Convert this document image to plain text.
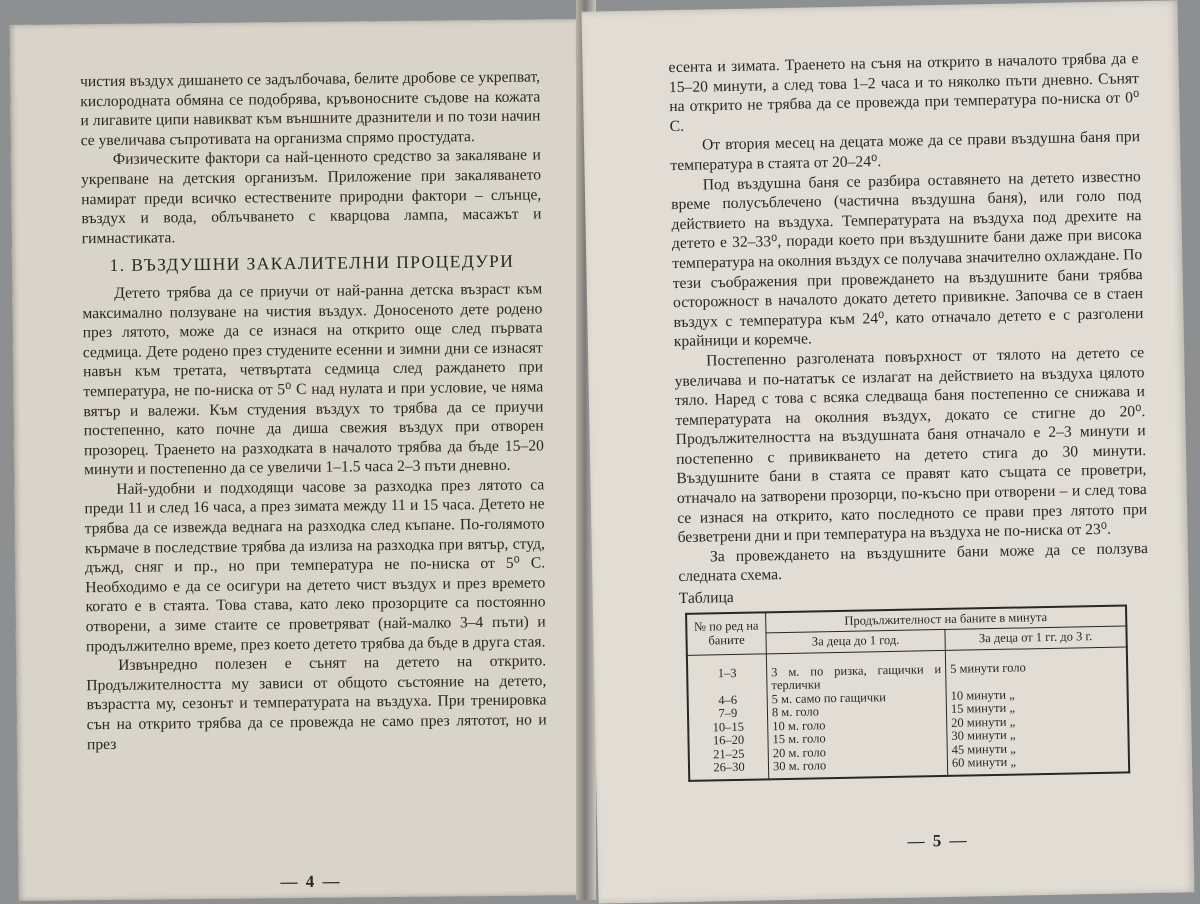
чистия въздух дишането се задълбочава, белите дробове се укрепват, кислородната обмяна се подобрява, кръвоносните съдове на кожата и лигавите ципи навикват към външните дразнители и по този начин се увеличава съпротивата на организма спрямо простудата.

Физическите фактори са най-ценното средство за закаляване и укрепване на детския организъм. Приложение при закаляването намират преди всичко естествените природни фактори – слънце, въздух и вода, облъчването с кварцова лампа, масажът и гимнастиката.

1. ВЪЗДУШНИ ЗАКАЛИТЕЛНИ ПРОЦЕДУРИ

Детето трябва да се приучи от най-ранна детска възраст към максимално ползуване на чистия въздух. Доносеното дете родено през лятото, може да се изнася на открито още след първата седмица. Дете родено през студените есенни и зимни дни се изнасят навън към третата, четвъртата седмица след раждането при температура, не по-ниска от 5⁰ С над нулата и при условие, че няма вятър и валежи. Към студения въздух то трябва да се приучи постепенно, като почне да диша свежия въздух при отворен прозорец. Траенето на разходката в началото трябва да бъде 15–20 минути и постепенно да се увеличи 1–1.5 часа 2–3 пъти дневно.

Най-удобни и подходящи часове за разходка през лятото са преди 11 и след 16 часа, а през зимата между 11 и 15 часа. Детето не трябва да се извежда веднага на разходка след къпане. По-голямото кърмаче в последствие трябва да излиза на разходка при вятър, студ, дъжд, сняг и пр., но при температура не по-ниска от 5⁰ С. Необходимо е да се осигури на детето чист въздух и през времето когато е в стаята. Това става, като леко прозорците са постоянно отворени, а зиме стаите се проветряват (най-малко 3–4 пъти) и продължително време, през което детето трябва да бъде в друга стая.

Извънредно полезен е сънят на детето на открито. Продължителността му зависи от общото състояние на детето, възрастта му, сезонът и температурата на въздуха. При тренировка сън на открито трябва да се провежда не само през лятотот, но и през

— 4 —

есента и зимата. Траенето на съня на открито в началото трябва да е 15–20 минути, а след това 1–2 часа и то няколко пъти дневно. Сънят на открито не трябва да се провежда при температура по-ниска от 0⁰ С.

От втория месец на децата може да се прави въздушна баня при температура в стаята от 20–24⁰.

Под въздушна баня се разбира оставянето на детето известно време полусъблечено (частична въздушна баня), или голо под действието на въздуха. Температурата на въздуха под дрехите на детето е 32–33⁰, поради което при въздушните бани даже при висока температура на околния въздух се получава значително охлаждане. По тези съображения при провеждането на въздушните бани трябва осторожност в началото докато детето привикне. Започва се в стаен въздух с температура към 24⁰, като отначало детето е с разголени крайници и коремче.

Постепенно разголената повърхност от тялото на детето се увеличава и по-нататък се излагат на действието на въздуха цялото тяло. Наред с това с всяка следваща баня постепенно се снижава и температурата на околния въздух, докато се стигне до 20⁰. Продължителността на въздушната баня отначало е 2–3 минути и постепенно с привикването на детето стига до 30 минути. Въздушните бани в стаята се правят като същата се проветри, отначало на затворени прозорци, по-късно при отворени – и след това се изнася на открито, като последното се прави през лятото при безветрени дни и при температура на въздуха не по-ниска от 23⁰.

За провеждането на въздушните бани може да се ползува следната схема.

Таблица
№ по ред на баните	Продължителност на баните в минута	
	За деца до 1 год.	За деца от 1 гг. до 3 г.
1–3	3 м. по ризка, гащички и терлички	5 минути голо
4–6	5 м. само по гащички	10 минути „
7–9	8 м. голо	15 минути „
10–15	10 м. голо	20 минути „
16–20	15 м. голо	30 минути „
21–25	20 м. голо	45 минути „
26–30	30 м. голо	60 минути „
— 5 —
